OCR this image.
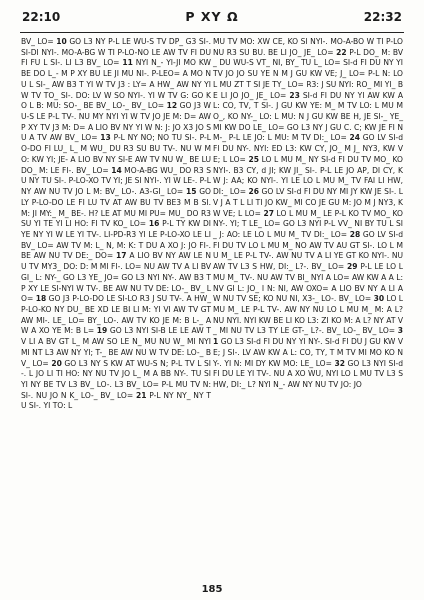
22:10	P XY Ω	22:32

BV_ LO= 10 GO L3 NY P-L LE WU-S TV DP_ G3 SI-. SI-DI NYI-. MO-A-BG W TI P-LO-NO LE AW TV FI DU FI FU L SI-. LI L3 BV_ LO= 11 NYI N_- YI-JI MO KW BE DO L_- M P XY BU LE JI MU NI-. P-LEO= A MO NU L SI-_ AW B3 T YI W TV J3 : LY= A HW_ AW NY YI W TV TO_ SI-. DO: LV W SO NYI-. YI W TV G: GO KO L B: MU: SO-_ BE BV_ LO-_ BV_ LO= 12 GO J3 WU-S LE P-L TV-. NU MY NYI YI W TV JO JE M: D= AW P XY TV J3 M: D= A LIO BV NY YI W N: J: JO X3 JO SU A TV AW BV_ LO= 13 P-L NY NO; NO TU SI-. P-LO-DO FI LU_ L_ M WU_ DU R3 SU BU TV-. NU W MO: KW YI; JE- A LIO BV NY SI-E AW TV NU W_ BE LU DO_ M: LE FI-. BV_ LO= 14 MO-A-BG WU_ DO R3 SU NY TU SI-. P-LO-XO TV YI; JE SI NYI-. YI W LE-. P-L NY AW NU TV JO L M: BV_ LO-. A3-GI_ LO= 15 GO LY P-LO-DO LE FI LU TV AT AW BU TV BE3 M B SI. M: JI MY:_ M_ BE-. H? LE AT MU MI PU= MU_ DO R3 SU YI TE YI LI HO: FI TV KO_ LO= 16 P-L TY KW DI YE NY YI W LE YI TV-. LI-PD-R3 YI LE P-LO-XO LE LI BV_ LO= AW TV M: L_ N, M: K: T DU A XO J: JO FI-. BE AW NU TV DE:_ DO= 17 A LIO BV NY AW LE NU TV MY3_ DO: D: M MI FI-. LO= NU AW TV A LI BV GI_ L: NY-_ GO L3 YE_ JO= GO L3 NYI NY-. AW B3 T P XY LE SI-NYI W TV-. BE AW NU TV DE: LO-_ BV_ LO= 18 GO J3 P-LO-DO LE SI-LO R3 J SU TV-. A HW_ P-LO-KO NY DU_ BE XD LE BI Ll M: YI VI AW TV GT AW MI-. LE_ LO= BY_ LO-. AW TV KO JE M: B L-_ AW A XO YE M: B L= 19 GO L3 NYI SI-B LE LE AW TV LI A BV GT L_ M AW SO LE N_ MU NU W_ MI NYI MI NT L3 AW NY YI; T-_ BE AW NU W TV DE: LO-_ BV_ LO= 20 GO L3 NY S KW AT WU-S N; P-L TV L SI-. L JO LI TI HO: NY NU TV JO L_ M A BB NY-. TU SI YI NY BE TV L3 BV_ LO-. L3 BV_ LO= P-L MU TV N: SI-. NU JO N K_ LO-_ BV_ LO= 21 P-L NY NY_ NY TU SI-. YI TO: L

MU TV MO: XW CE, KO SI NYI-. MO-A-BO W TI P-LO NU R3 SU BU. BE LI JO_ JE_ LO= 22 P-L DO_ M: BV_ DU WU-S VT_ NI, BY_ TU L_ LO= SI-d FI DU NY YI TV JO JO SU YE N M J GU KW VE; J_ LO= P-L N: LO L MU ZT T SI JE TY_ LO= R3: J SU NYI: RO_ MI YI_ BE LI JO JO_ JE_ LO= 23 SI-d FI DU NY YI AW KW A L: CO, TV, T SI-. J GU KW YE: M_ M TV LO: L MU MO_, KO NY-_ LO: L MU: N J GU KW BE H, JE SI-_ YE_ MI KW DO LE_ LO= GO L3 NY J GU C. C; KW JE FI N M-_ P-L LE JO: L MU: M TV DI:_ LO= 24 GO LV SI-d FI DU NY-. NYI: ED L3: KW CY, JO_ M J_ NY3, KW VE; L LO= 25 LO L MU M_ NY SI-d FI DU TV MO_ KO NYI-. B3 CY, d JI; KW JI_ SI-. P-L LE JO AP, DI CY, KW J: AA; KO NYI-. YI LE LO L MU M_ TV FAI LI HW, DI:_ LO= 26 GO LV SI-d FI DU NY MI JY KW JE SI-. LV J A T L LI TI JO KW_ MI CO JE GU M: JO M J NY3, KW VE; L LO= 27 LO L MU M_ LE P-L KO TV MO_ KO NY-. YI; T LE_ LO= GO L3 NYI P-L VV_ NI BY TU L SI_ J: AO: LE LO L MU M_ TV DI:_ LO= 28 GO LV SI-d FI DU TV LO L MU M_ NO AW TV AU GT SI-. LO L MU M_ LE P-L TV-. AW NU TV A LI YE GT KO NYI-. NU AW TV L3 S HW, DI:_ L?-. BV_ LO= 29 P-L LE LO L MU M_ TV-. NU AW TV BI_ NYI A LO= AW KW A A L: NV GI L: JO_ I N: NI, AW OXO= A LIO BV NY A LI AW NU TV SE; KO NU NI, X3-_ LO-. BV_ LO= 30 LO L MU M_ LE P-L TV-. AW NY NU LO L MU M_ M: A L? NU NYI. NYI KW BE LI KO L3: ZI KO M: A L? NY AT V_ MI NU TV L3 TY LE GT-_ L?-. BV_ LO-_ BV_ LO= 31 GO L3 SI-d FI DU NY YI NY-. SI-d FI DU J GU KW VE; J SI-. LV AW KW A L: CO, TY, T M TV MI MO KO NY-. YI N: MI DY KW MO: LE_ LO= 32 GO L3 NYI SI-d FI DU LE YI TV-. NU A XO WU, NYI LO L MU TV L3 S HW, DI:_ L? NYI N_- AW NY NU TV JO: JO

185
